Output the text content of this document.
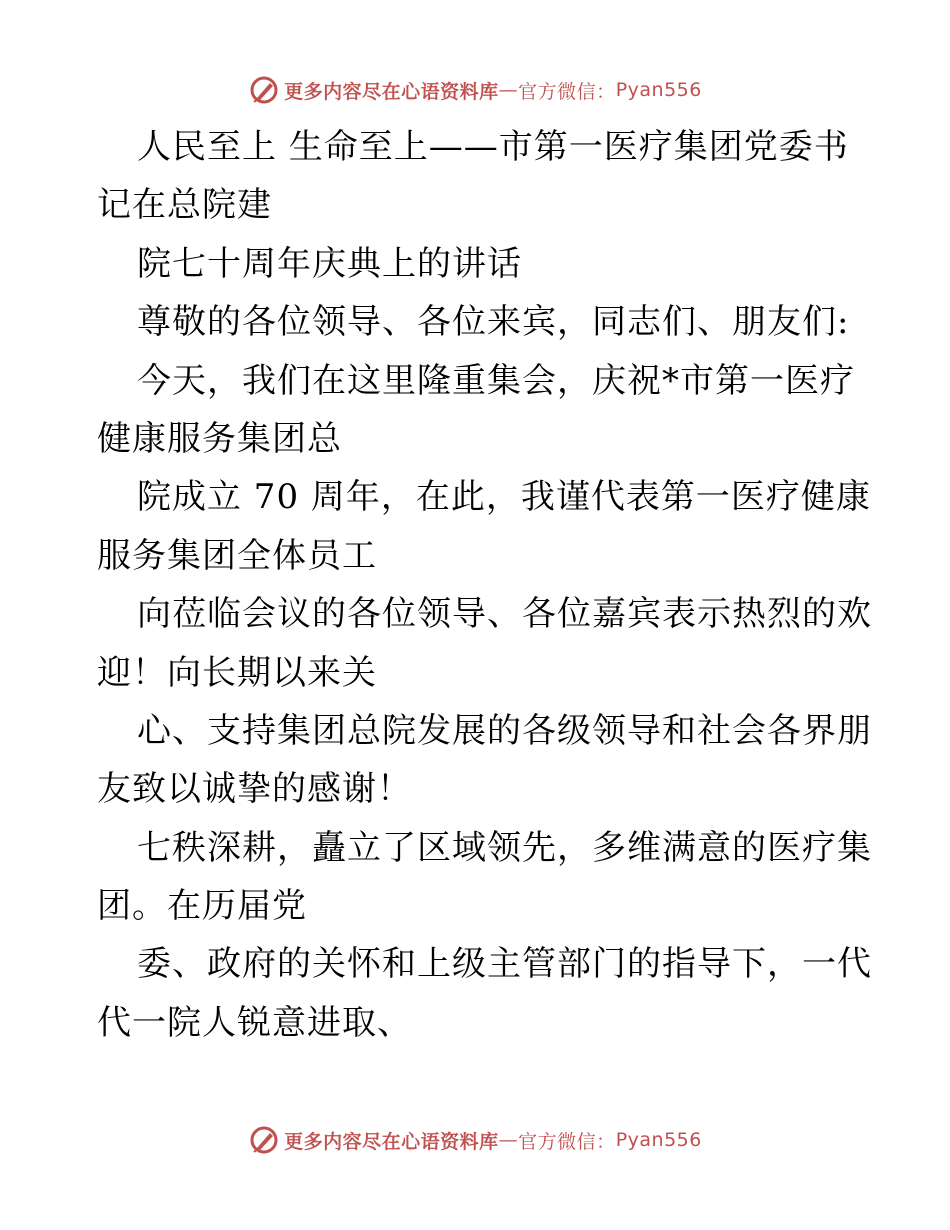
更多内容尽在心语资料库 — 官方微信： Pyan556
人民至上 生命至上——市第一医疗集团党委书
记在总院建
院七十周年庆典上的讲话
尊敬的各位领导、各位来宾，同志们、朋友们:
今天，我们在这里隆重集会，庆祝*市第一医疗
健康服务集团总
院成立 70 周年，在此，我谨代表第一医疗健康
服务集团全体员工
向莅临会议的各位领导、各位嘉宾表示热烈的欢
迎！向长期以来关
心、支持集团总院发展的各级领导和社会各界朋
友致以诚挚的感谢！
七秩深耕，矗立了区域领先，多维满意的医疗集
团。在历届党
委、政府的关怀和上级主管部门的指导下，一代
代一院人锐意进取、
更多内容尽在心语资料库 — 官方微信： Pyan556
